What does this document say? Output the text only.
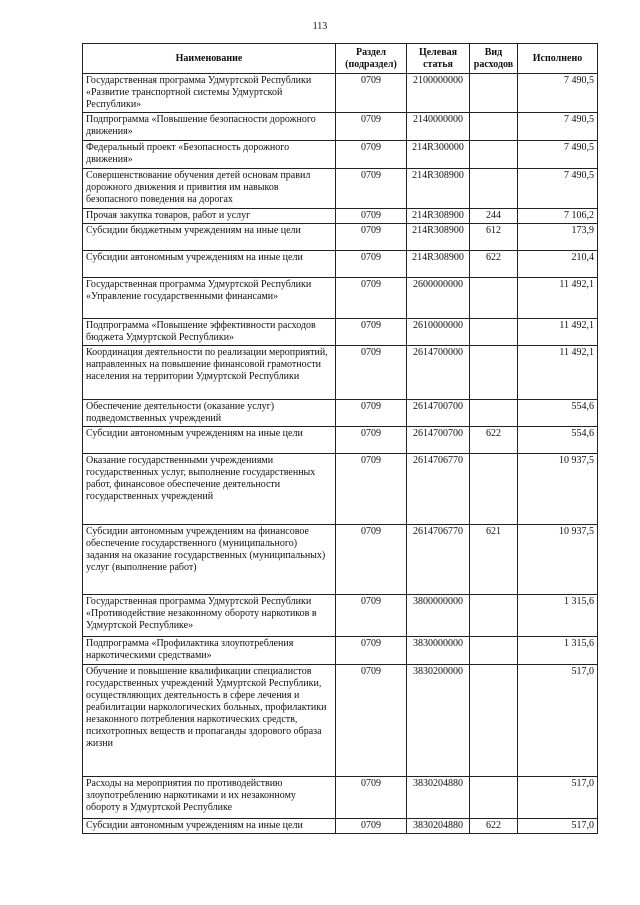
113
Наименование	Раздел (подраздел)	Целевая статья	Вид расходов	Исполнено
Государственная программа Удмуртской Республики «Развитие транспортной системы Удмуртской Республики»	0709	2100000000		7 490,5
Подпрограмма «Повышение безопасности дорожного движения»	0709	2140000000		7 490,5
Федеральный проект «Безопасность дорожного движения»	0709	214R300000		7 490,5
Совершенствование обучения детей основам правил дорожного движения и привития им навыков безопасного поведения на дорогах	0709	214R308900		7 490,5
Прочая закупка товаров, работ и услуг	0709	214R308900	244	7 106,2
Субсидии бюджетным учреждениям на иные цели	0709	214R308900	612	173,9
Субсидии автономным учреждениям на иные цели	0709	214R308900	622	210,4
Государственная программа Удмуртской Республики «Управление государственными финансами»	0709	2600000000		11 492,1
Подпрограмма «Повышение эффективности расходов бюджета Удмуртской Республики»	0709	2610000000		11 492,1
Координация деятельности по реализации мероприятий, направленных на повышение финансовой грамотности населения на территории Удмуртской Республики	0709	2614700000		11 492,1
Обеспечение деятельности (оказание услуг) подведомственных учреждений	0709	2614700700		554,6
Субсидии автономным учреждениям на иные цели	0709	2614700700	622	554,6
Оказание государственными учреждениями государственных услуг, выполнение государственных работ, финансовое обеспечение деятельности государственных учреждений	0709	2614706770		10 937,5
Субсидии автономным учреждениям на финансовое обеспечение государственного (муниципального) задания на оказание государственных (муниципальных) услуг (выполнение работ)	0709	2614706770	621	10 937,5
Государственная программа Удмуртской Республики «Противодействие незаконному обороту наркотиков в Удмуртской Республике»	0709	3800000000		1 315,6
Подпрограмма «Профилактика злоупотребления наркотическими средствами»	0709	3830000000		1 315,6
Обучение и повышение квалификации специалистов государственных учреждений Удмуртской Республики, осуществляющих деятельность в сфере лечения и реабилитации наркологических больных, профилактики незаконного потребления наркотических средств, психотропных веществ и пропаганды здорового образа жизни	0709	3830200000		517,0
Расходы на мероприятия по противодействию злоупотреблению наркотиками и их незаконному обороту в Удмуртской Республике	0709	3830204880		517,0
Субсидии автономным учреждениям на иные цели	0709	3830204880	622	517,0
